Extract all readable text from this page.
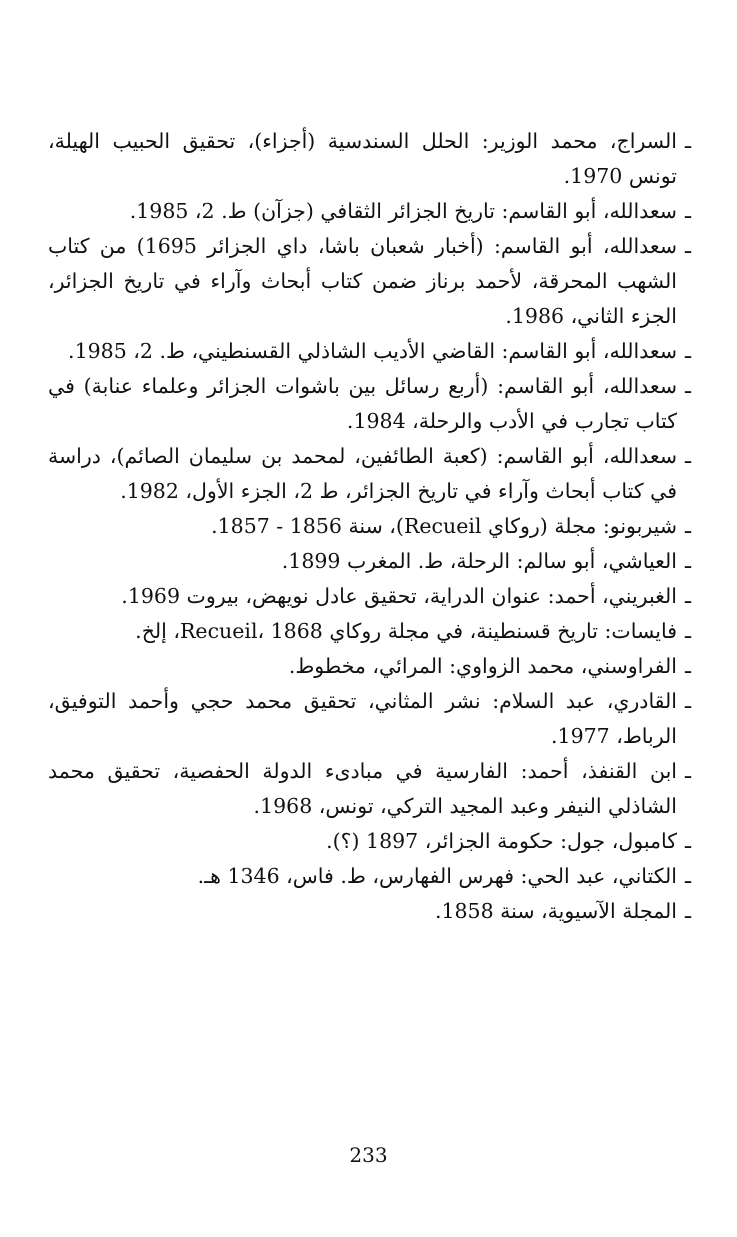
ـ
السراج، محمد الوزير: الحلل السندسية (أجزاء)، تحقيق الحبيب الهيلة، تونس 1970.

ـ
سعدالله، أبو القاسم: تاريخ الجزائر الثقافي (جزآن) ط. 2، 1985.

ـ
سعدالله، أبو القاسم: (أخبار شعبان باشا، داي الجزائر 1695) من كتاب الشهب المحرقة، لأحمد برناز ضمن كتاب أبحاث وآراء في تاريخ الجزائر، الجزء الثاني، 1986.

ـ
سعدالله، أبو القاسم: القاضي الأديب الشاذلي القسنطيني، ط. 2، 1985.

ـ
سعدالله، أبو القاسم: (أربع رسائل بين باشوات الجزائر وعلماء عنابة) في كتاب تجارب في الأدب والرحلة، 1984.

ـ
سعدالله، أبو القاسم: (كعبة الطائفين، لمحمد بن سليمان الصائم)، دراسة في كتاب أبحاث وآراء في تاريخ الجزائر، ط 2، الجزء الأول، 1982.

ـ
شيربونو: مجلة (روكاي Recueil)، سنة 1856 - 1857.

ـ
العياشي، أبو سالم: الرحلة، ط. المغرب 1899.

ـ
الغبريني، أحمد: عنوان الدراية، تحقيق عادل نويهض، بيروت 1969.

ـ
فايسات: تاريخ قسنطينة، في مجلة روكاي Recueil، 1868، إلخ.

ـ
الفراوسني، محمد الزواوي: المرائي، مخطوط.

ـ
القادري، عبد السلام: نشر المثاني، تحقيق محمد حجي وأحمد التوفيق، الرباط، 1977.

ـ
ابن القنفذ، أحمد: الفارسية في مبادىء الدولة الحفصية، تحقيق محمد الشاذلي النيفر وعبد المجيد التركي، تونس، 1968.

ـ
كامبول، جول: حكومة الجزائر، 1897 (؟).

ـ
الكتاني، عبد الحي: فهرس الفهارس، ط. فاس، 1346 هـ.

ـ
المجلة الآسيوية، سنة 1858.

233
